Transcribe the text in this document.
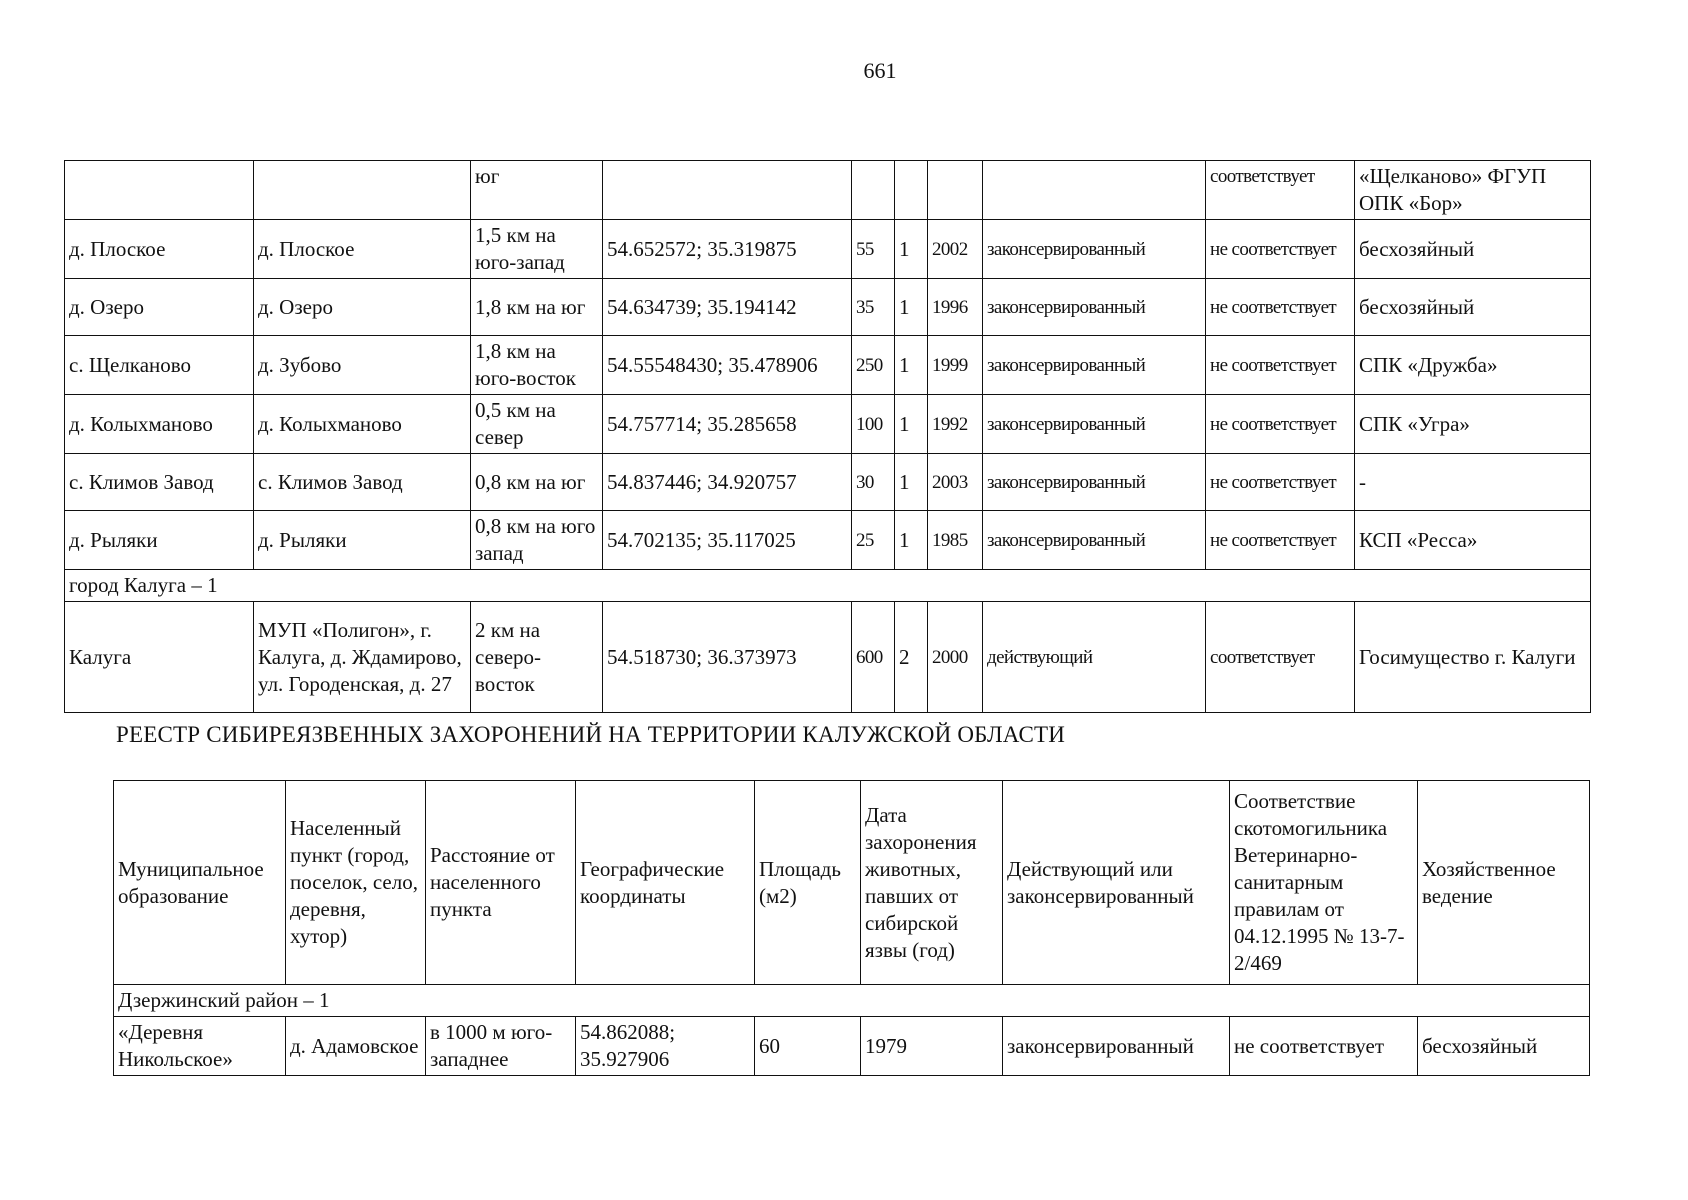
661
		юг						соответствует	«Щелканово» ФГУП ОПК «Бор»
д. Плоское	д. Плоское	1,5 км на юго-запад	54.652572; 35.319875	55	1	2002	законсервированный	не соответствует	бесхозяйный
д. Озеро	д. Озеро	1,8 км на юг	54.634739; 35.194142	35	1	1996	законсервированный	не соответствует	бесхозяйный
с. Щелканово	д. Зубово	1,8 км на юго-восток	54.55548430; 35.478906	250	1	1999	законсервированный	не соответствует	СПК «Дружба»
д. Колыхманово	д. Колыхманово	0,5 км на север	54.757714; 35.285658	100	1	1992	законсервированный	не соответствует	СПК «Угра»
с. Климов Завод	с. Климов Завод	0,8 км на юг	54.837446; 34.920757	30	1	2003	законсервированный	не соответствует	-
д. Рыляки	д. Рыляки	0,8 км на юго запад	54.702135; 35.117025	25	1	1985	законсервированный	не соответствует	КСП «Ресса»
город Калуга – 1									
Калуга	МУП «Полигон», г. Калуга, д. Ждамирово, ул. Городенская, д. 27	2 км на северо-восток	54.518730; 36.373973	600	2	2000	действующий	соответствует	Госимущество г. Калуги
РЕЕСТР СИБИРЕЯЗВЕННЫХ ЗАХОРОНЕНИЙ НА ТЕРРИТОРИИ КАЛУЖСКОЙ ОБЛАСТИ
Муниципальное образование	Населенный пункт (город, поселок, село, деревня, хутор)	Расстояние от населенного пункта	Географические координаты	Площадь (м2)	Дата захоронения животных, павших от сибирской язвы (год)	Действующий или законсервированный	Соответствие скотомогильника Ветеринарно-санитарным правилам от 04.12.1995 № 13-7-2/469	Хозяйственное ведение
Дзержинский район – 1								
«Деревня Никольское»	д. Адамовское	в 1000 м юго-западнее	54.862088; 35.927906	60	1979	законсервированный	не соответствует	бесхозяйный
